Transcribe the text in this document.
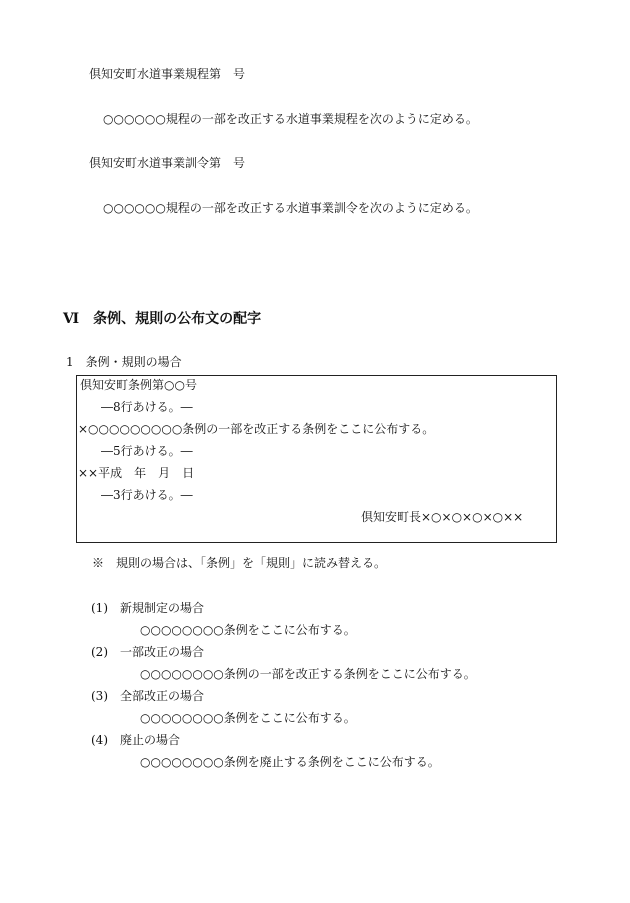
倶知安町水道事業規程第　号
○○○○○○規程の一部を改正する水道事業規程を次のように定める。
倶知安町水道事業訓令第　号
○○○○○○規程の一部を改正する水道事業訓令を次のように定める。
Ⅵ　条例、規則の公布文の配字
1　条例・規則の場合
倶知安町条例第○○号
―8行あける。―
×○○○○○○○○○条例の一部を改正する条例をここに公布する。
―5行あける。―
××平成　年　月　日
―3行あける。―
倶知安町長×○×○×○×○××
※　規則の場合は、「条例」を「規則」に読み替える。
(1)　新規制定の場合
○○○○○○○○条例をここに公布する。
(2)　一部改正の場合
○○○○○○○○条例の一部を改正する条例をここに公布する。
(3)　全部改正の場合
○○○○○○○○条例をここに公布する。
(4)　廃止の場合
○○○○○○○○条例を廃止する条例をここに公布する。
